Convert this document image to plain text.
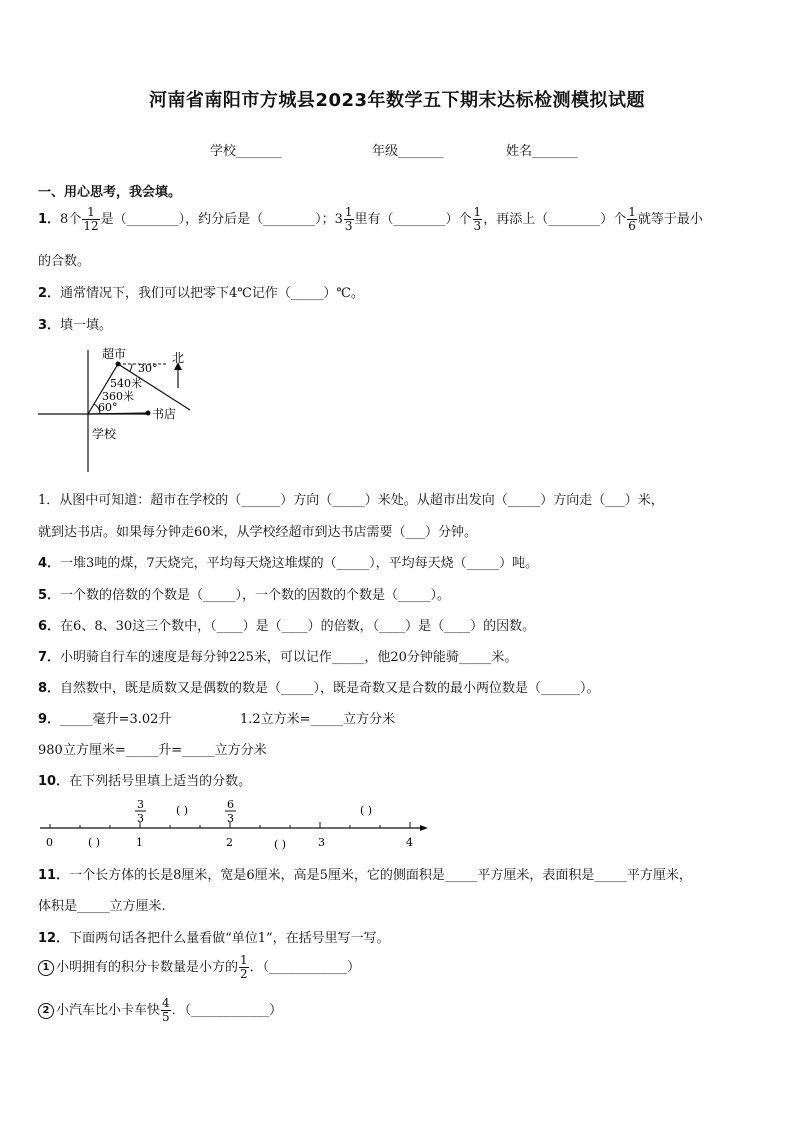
河南省南阳市方城县2023年数学五下期末达标检测模拟试题
学校_______	年级_______	姓名_______
一、用心思考，我会填。
1．8个 $\frac{1}{12}$ 是（________），约分后是（________）；$3 \frac{1}{3}$ 里有（________）个 $\frac{1}{3}$ ，再添上（________）个 $\frac{1}{6}$ 就等于最小
的合数。
2．通常情况下，我们可以把零下4℃记作（_____）℃。
3．填一填。
超市	北
30°
540米
360米
60°	书店
学校
1．从图中可知道：超市在学校的（______）方向（_____）米处。从超市出发向（_____）方向走（___）米，
就到达书店。如果每分钟走60米，从学校经超市到达书店需要（___）分钟。
4．一堆3吨的煤，7天烧完，平均每天烧这堆煤的（_____），平均每天烧（_____）吨。
5．一个数的倍数的个数是（_____），一个数的因数的个数是（_____）。
6．在6、8、30这三个数中，（____）是（____）的倍数，（____）是（____）的因数。
7．小明骑自行车的速度是每分钟225米，可以记作_____，他20分钟能骑_____米。
8．自然数中，既是质数又是偶数的数是（_____），既是奇数又是合数的最小两位数是（______）。
9．_____毫升=3.02升	1.2立方米=_____立方分米
980立方厘米=_____升=_____立方分米
10．在下列括号里填上适当的分数。
0	1	2	3	4
3
3
6
3
( )	( )
( )	( )
11．一个长方体的长是8厘米，宽是6厘米，高是5厘米，它的侧面积是_____平方厘米，表面积是_____平方厘米，
体积是_____立方厘米.
12．下面两句话各把什么量看做“单位1”，在括号里写一写。
1 小明拥有的积分卡数量是小方的 $\frac{1}{2}$ ．（____________）
2 小汽车比小卡车快 $\frac{4}{5}$ ．（____________）
